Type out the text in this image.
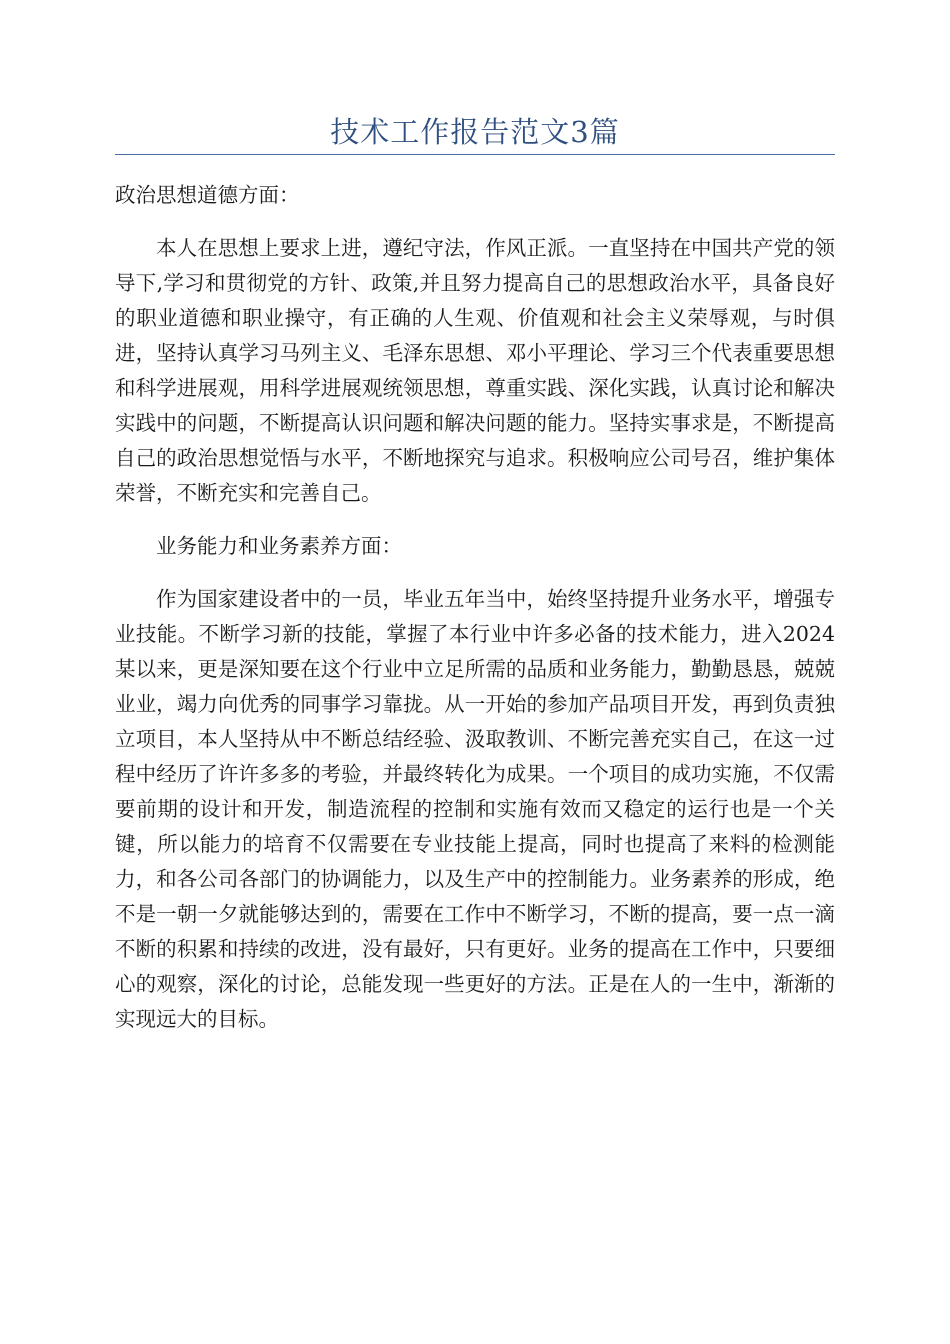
技术工作报告范文3篇

政治思想道德方面：

本人在思想上要求上进，遵纪守法，作风正派。一直坚持在中国共产党的领导下,学习和贯彻党的方针、政策,并且努力提高自己的思想政治水平，具备良好的职业道德和职业操守，有正确的人生观、价值观和社会主义荣辱观，与时俱进，坚持认真学习马列主义、毛泽东思想、邓小平理论、学习三个代表重要思想和科学进展观，用科学进展观统领思想，尊重实践、深化实践，认真讨论和解决实践中的问题，不断提高认识问题和解决问题的能力。坚持实事求是，不断提高自己的政治思想觉悟与水平，不断地探究与追求。积极响应公司号召，维护集体荣誉，不断充实和完善自己。

业务能力和业务素养方面：

作为国家建设者中的一员，毕业五年当中，始终坚持提升业务水平，增强专业技能。不断学习新的技能，掌握了本行业中许多必备的技术能力，进入2024某以来，更是深知要在这个行业中立足所需的品质和业务能力，勤勤恳恳，兢兢业业，竭力向优秀的同事学习靠拢。从一开始的参加产品项目开发，再到负责独立项目，本人坚持从中不断总结经验、汲取教训、不断完善充实自己，在这一过程中经历了许许多多的考验，并最终转化为成果。一个项目的成功实施，不仅需要前期的设计和开发，制造流程的控制和实施有效而又稳定的运行也是一个关键，所以能力的培育不仅需要在专业技能上提高，同时也提高了来料的检测能力，和各公司各部门的协调能力，以及生产中的控制能力。业务素养的形成，绝不是一朝一夕就能够达到的，需要在工作中不断学习，不断的提高，要一点一滴不断的积累和持续的改进，没有最好，只有更好。业务的提高在工作中，只要细心的观察，深化的讨论，总能发现一些更好的方法。正是在人的一生中，渐渐的实现远大的目标。
